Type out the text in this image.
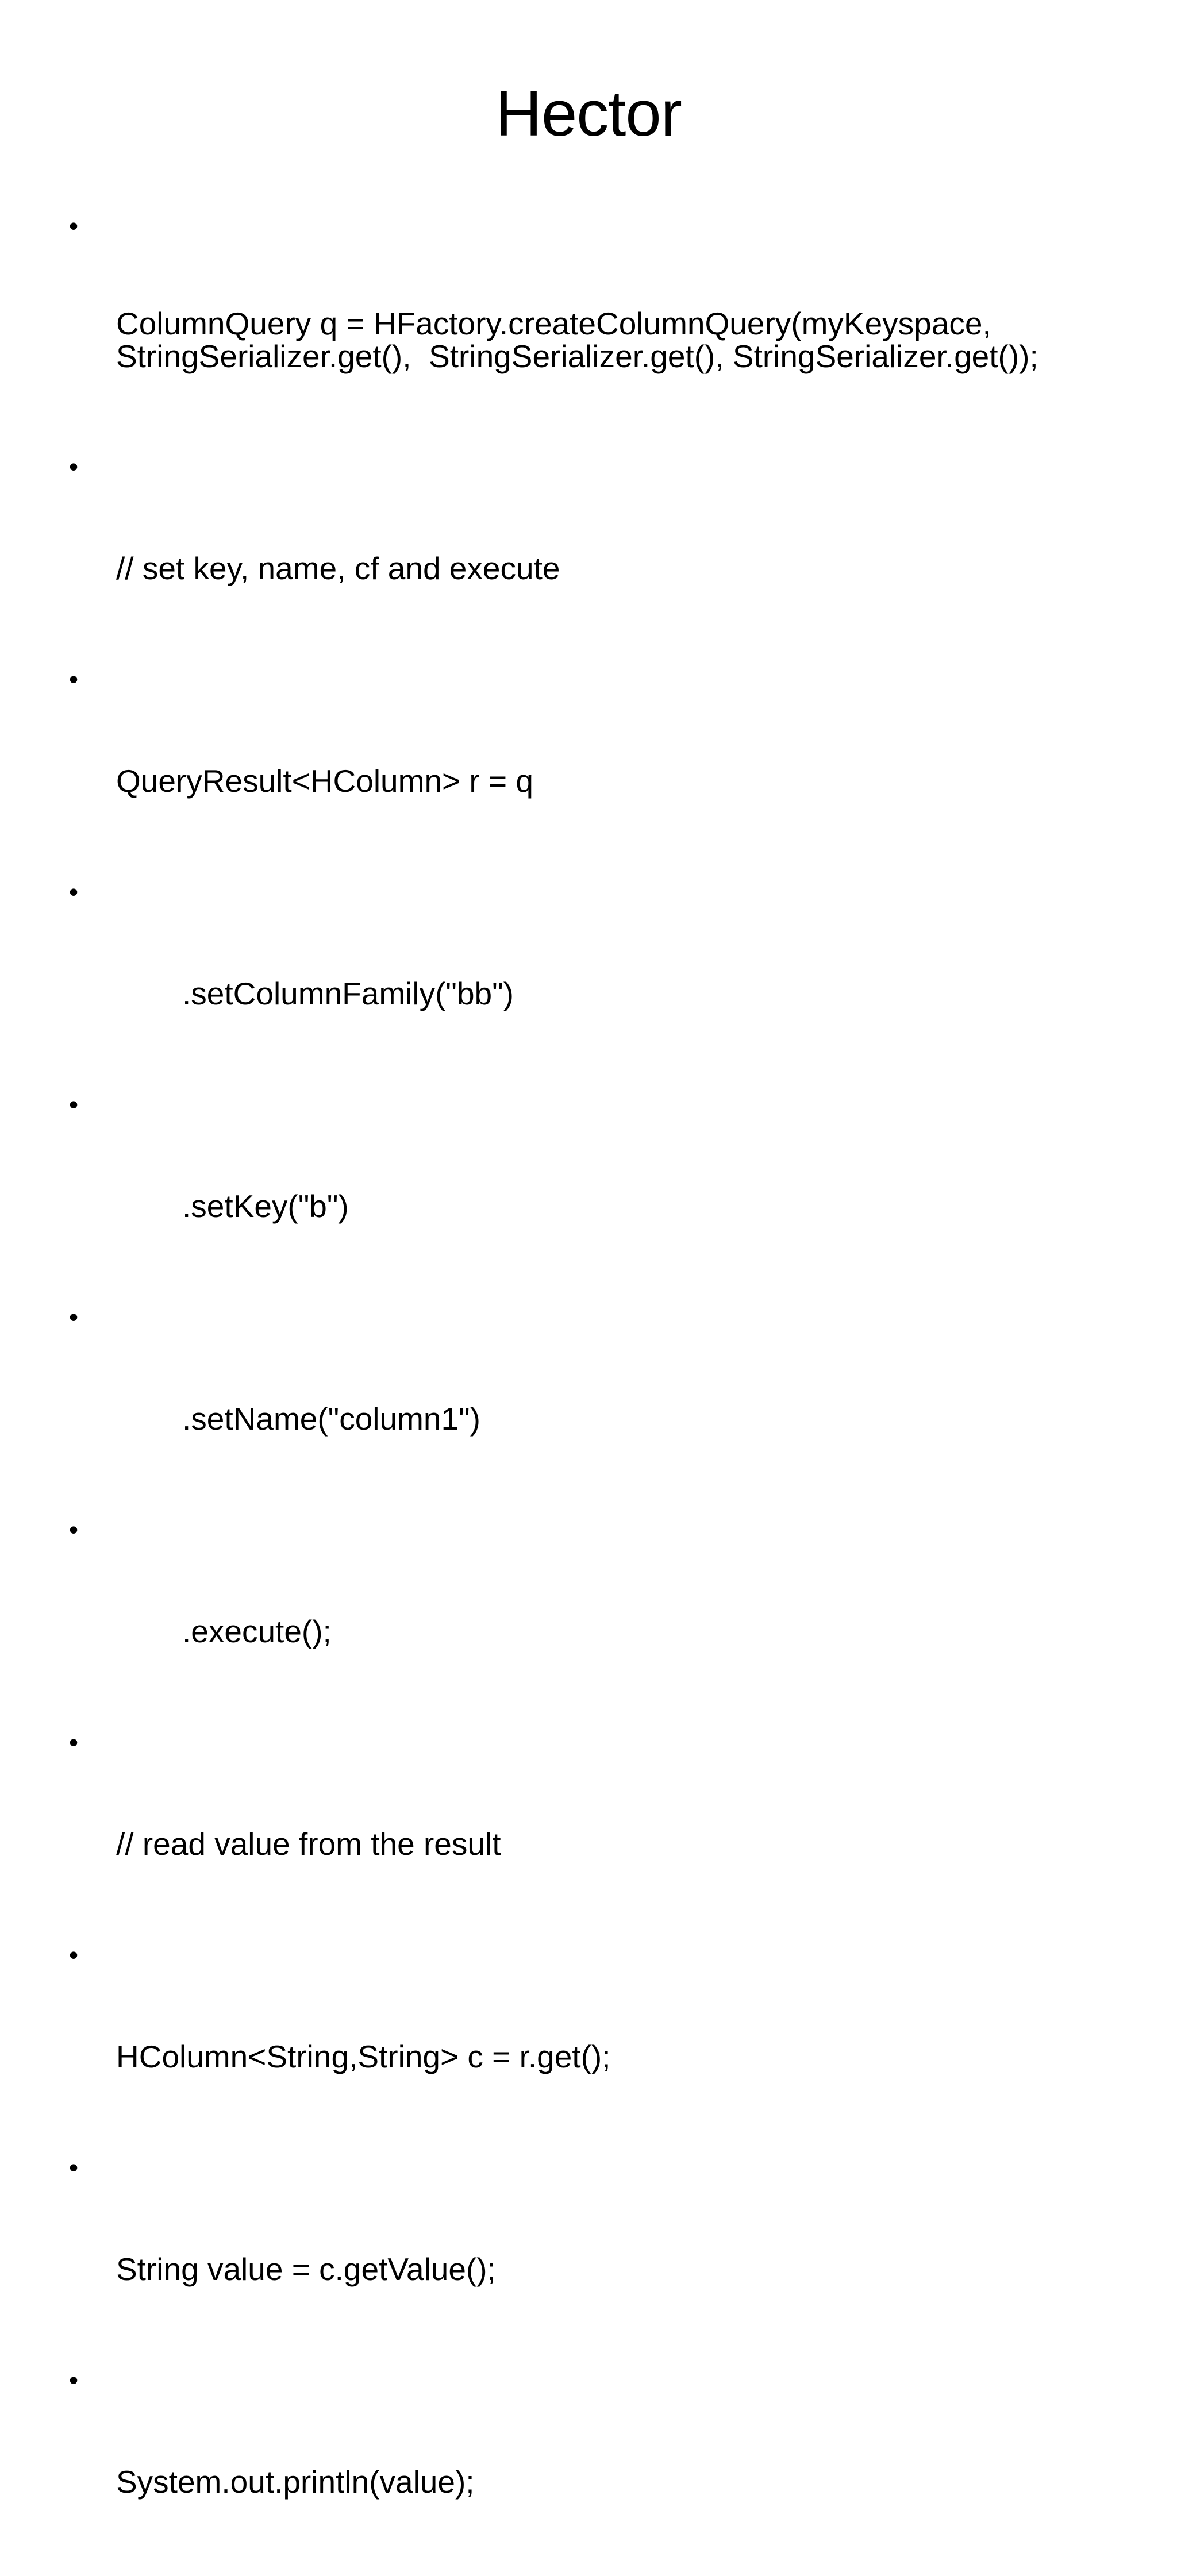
Hector

•

ColumnQuery q = HFactory.createColumnQuery(myKeyspace,
StringSerializer.get(),  StringSerializer.get(), StringSerializer.get());

•

// set key, name, cf and execute

•

QueryResult<HColumn> r = q

•

.setColumnFamily("bb")

•

.setKey("b")

•

.setName("column1")

•

.execute();

•

// read value from the result

•

HColumn<String,String> c = r.get();

•

String value = c.getValue();

•

System.out.println(value);
